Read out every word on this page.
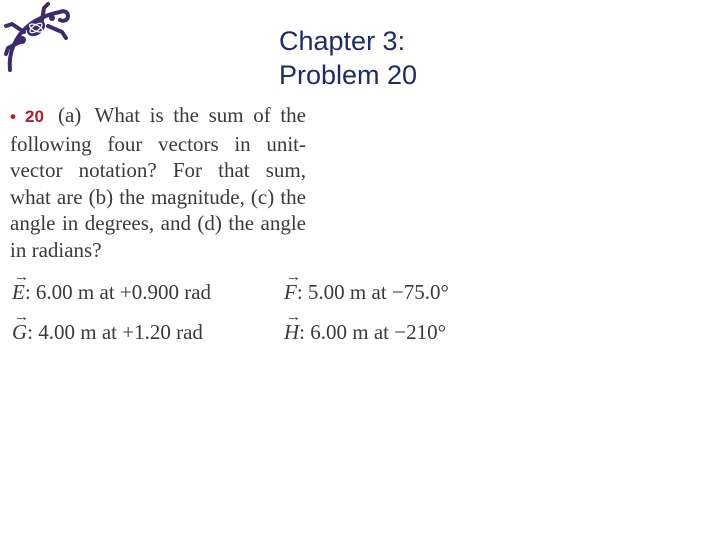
Chapter 3:
Problem 20
• 20 (a) What is the sum of the following four vectors in unit-vector notation? For that sum, what are (b) the magnitude, (c) the angle in degrees, and (d) the angle in radians?
→
E: 6.00 m at +0.900 rad
→
F: 5.00 m at −75.0°
→
G: 4.00 m at +1.20 rad
→
H: 6.00 m at −210°
